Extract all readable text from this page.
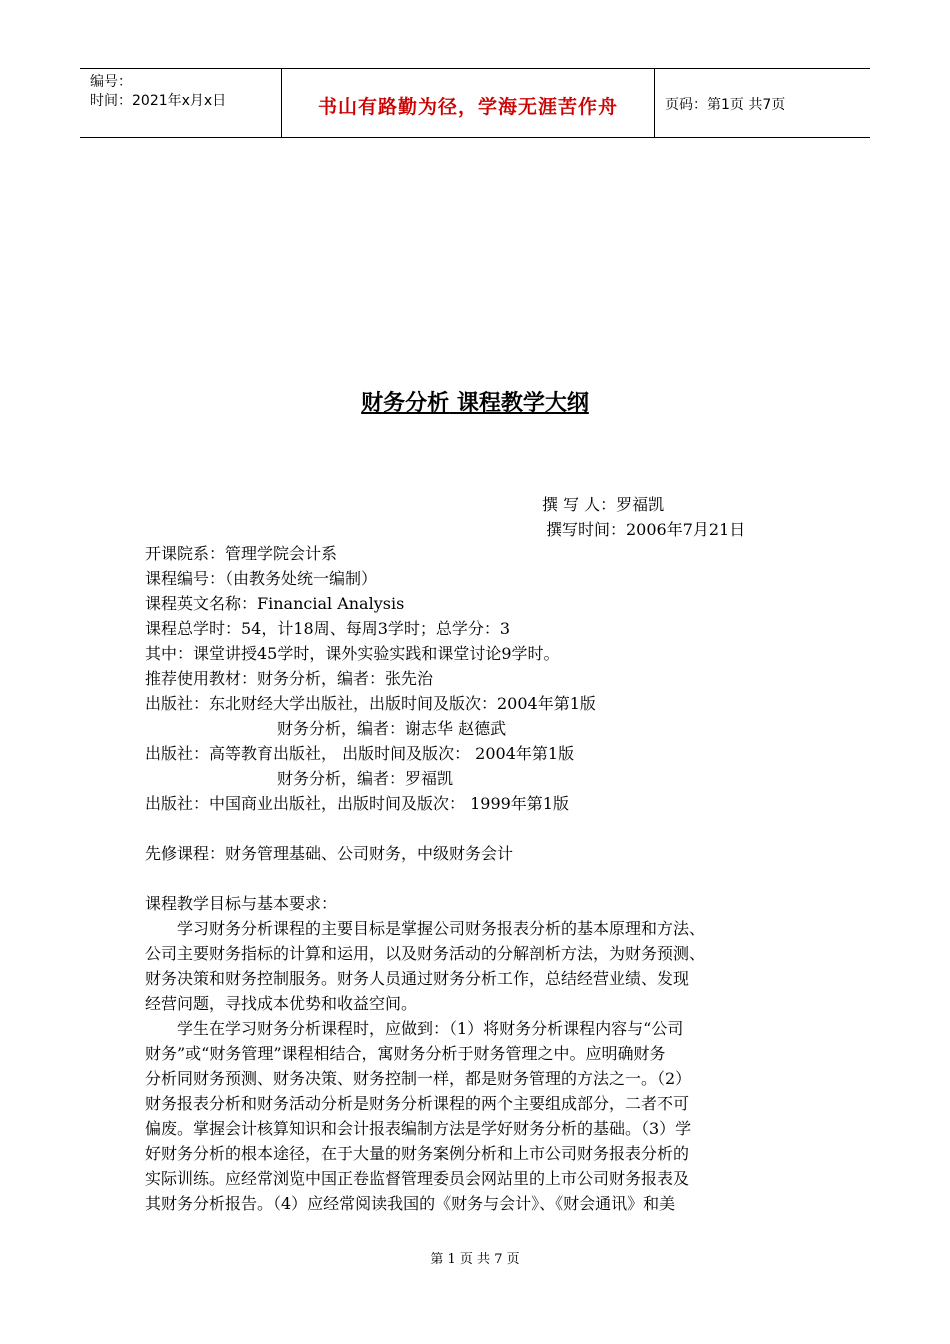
编号：
时间：2021年x月x日	书山有路勤为径，学海无涯苦作舟	页码：第1页 共7页
财务分析 课程教学大纲
撰 写 人：罗福凯
撰写时间：2006年7月21日
开课院系：管理学院会计系
课程编号：（由教务处统一编制）
课程英文名称：Financial Analysis
课程总学时：54，计18周、每周3学时；总学分：3
其中：课堂讲授45学时，课外实验实践和课堂讨论9学时。
推荐使用教材：财务分析，编者：张先治
出版社：东北财经大学出版社，出版时间及版次：2004年第1版
财务分析，编者：谢志华 赵德武
出版社：高等教育出版社， 出版时间及版次： 2004年第1版
财务分析，编者：罗福凯
出版社：中国商业出版社，出版时间及版次： 1999年第1版
先修课程：财务管理基础、公司财务，中级财务会计
课程教学目标与基本要求：
学习财务分析课程的主要目标是掌握公司财务报表分析的基本原理和方法、
公司主要财务指标的计算和运用，以及财务活动的分解剖析方法，为财务预测、
财务决策和财务控制服务。财务人员通过财务分析工作，总结经营业绩、发现
经营问题，寻找成本优势和收益空间。
学生在学习财务分析课程时，应做到：（1）将财务分析课程内容与“公司
财务”或“财务管理”课程相结合，寓财务分析于财务管理之中。应明确财务
分析同财务预测、财务决策、财务控制一样，都是财务管理的方法之一。（2）
财务报表分析和财务活动分析是财务分析课程的两个主要组成部分，二者不可
偏废。掌握会计核算知识和会计报表编制方法是学好财务分析的基础。（3）学
好财务分析的根本途径，在于大量的财务案例分析和上市公司财务报表分析的
实际训练。应经常浏览中国正卷监督管理委员会网站里的上市公司财务报表及
其财务分析报告。（4）应经常阅读我国的《财务与会计》、《财会通讯》和美
第 1 页 共 7 页
